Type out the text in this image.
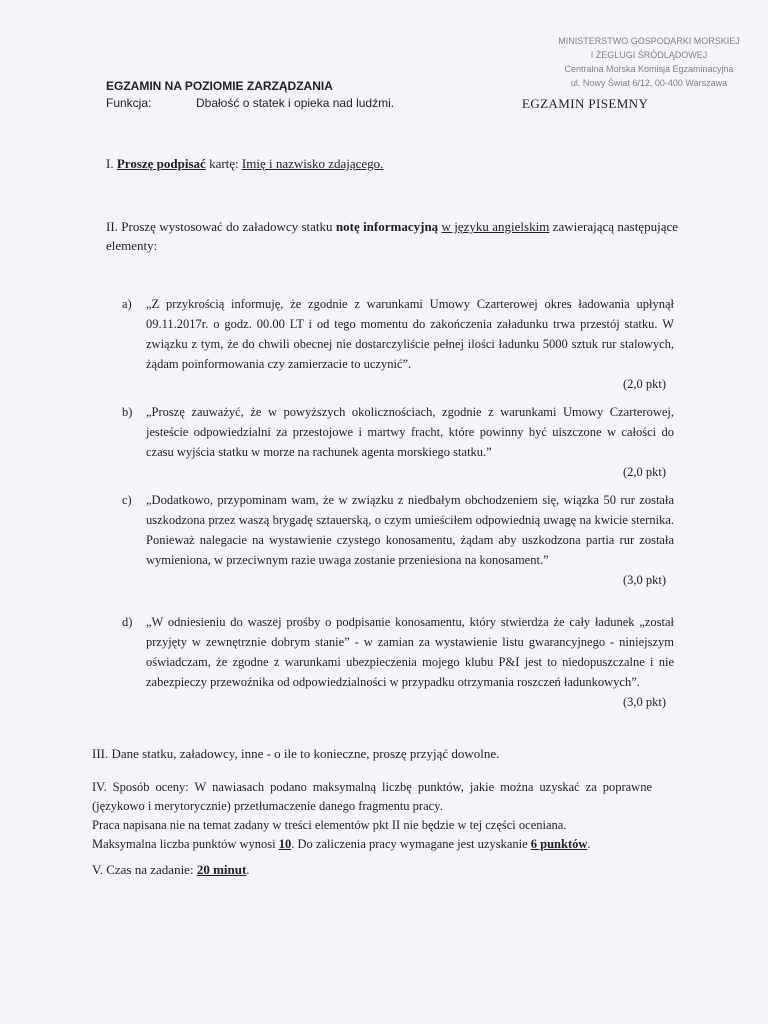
MINISTERSTWO GOSPODARKI MORSKIEJ
I ŻEGLUGI ŚRÓDLĄDOWEJ
Centralna Morska Komisja Egzaminacyjna
ul. Nowy Świat 6/12, 00-400 Warszawa
EGZAMIN NA POZIOMIE ZARZĄDZANIA
Funkcja:	Dbałość o statek i opieka nad ludźmi.	EGZAMIN PISEMNY
I. Proszę podpisać kartę: Imię i nazwisko zdającego.
II. Proszę wystosować do załadowcy statku notę informacyjną w języku angielskim zawierającą następujące elementy:
a) „Z przykrością informuję, że zgodnie z warunkami Umowy Czarterowej okres ładowania upłynął 09.11.2017r. o godz. 00.00 LT i od tego momentu do zakończenia załadunku trwa przestój statku. W związku z tym, że do chwili obecnej nie dostarczyliście pełnej ilości ładunku 5000 sztuk rur stalowych, żądam poinformowania czy zamierzacie to uczynić”.
(2,0 pkt)
b) „Proszę zauważyć, że w powyższych okolicznościach, zgodnie z warunkami Umowy Czarterowej, jesteście odpowiedzialni za przestojowe i martwy fracht, które powinny być uiszczone w całości do czasu wyjścia statku w morze na rachunek agenta morskiego statku.”
(2,0 pkt)
c) „Dodatkowo, przypominam wam, że w związku z niedbałym obchodzeniem się, wiązka 50 rur została uszkodzona przez waszą brygadę sztauerską, o czym umieściłem odpowiednią uwagę na kwicie sternika. Ponieważ nalegacie na wystawienie czystego konosamentu, żądam aby uszkodzona partia rur została wymieniona, w przeciwnym razie uwaga zostanie przeniesiona na konosament.”
(3,0 pkt)
d) „W odniesieniu do waszej prośby o podpisanie konosamentu, który stwierdza że cały ładunek „został przyjęty w zewnętrznie dobrym stanie” - w zamian za wystawienie listu gwarancyjnego - niniejszym oświadczam, że zgodne z warunkami ubezpieczenia mojego klubu P&I jest to niedopuszczalne i nie zabezpieczy przewoźnika od odpowiedzialności w przypadku otrzymania roszczeń ładunkowych”.
(3,0 pkt)
III. Dane statku, załadowcy, inne - o ile to konieczne, proszę przyjąć dowolne.
IV. Sposób oceny: W nawiasach podano maksymalną liczbę punktów, jakie można uzyskać za poprawne (językowo i merytorycznie) przetłumaczenie danego fragmentu pracy.
Praca napisana nie na temat zadany w treści elementów pkt II nie będzie w tej części oceniana.
Maksymalna liczba punktów wynosi 10. Do zaliczenia pracy wymagane jest uzyskanie 6 punktów.
V. Czas na zadanie: 20 minut.
